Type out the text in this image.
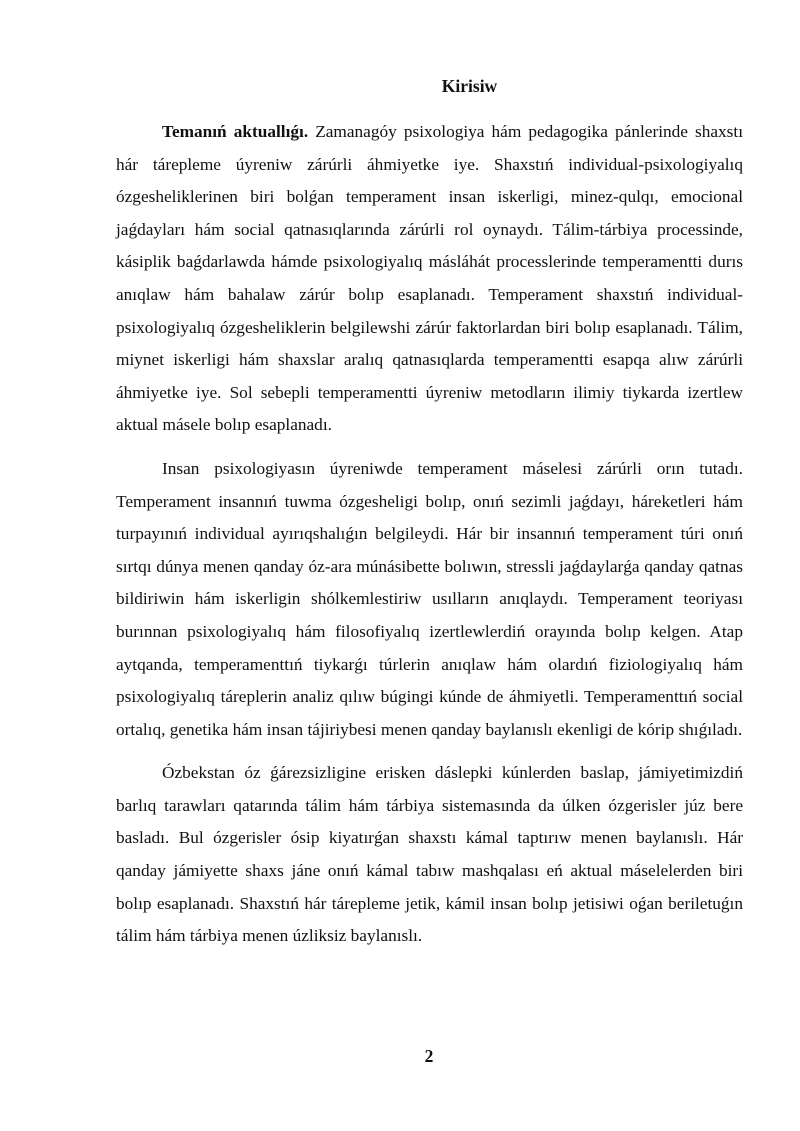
Kirisiw

Temanıń aktuallıǵı. Zamanagóy psixologiya hám pedagogika pánlerinde shaxstı hár tárepleme úyreniw zárúrli áhmiyetke iye. Shaxstıń individual-psixologiyalıq ózgesheliklerinen biri bolǵan temperament insan iskerligi, minez-qulqı, emocional jaǵdayları hám social qatnasıqlarında zárúrli rol oynaydı. Tálim-tárbiya processinde, kásiplik baǵdarlawda hámde psixologiyalıq másláhát processlerinde temperamentti durıs anıqlaw hám bahalaw zárúr bolıp esaplanadı. Temperament shaxstıń individual-psixologiyalıq ózgesheliklerin belgilewshi zárúr faktorlardan biri bolıp esaplanadı. Tálim, miynet iskerligi hám shaxslar aralıq qatnasıqlarda temperamentti esapqa alıw zárúrli áhmiyetke iye. Sol sebepli temperamentti úyreniw metodların ilimiy tiykarda izertlew aktual másele bolıp esaplanadı.

Insan psixologiyasın úyreniwde temperament máselesi zárúrli orın tutadı. Temperament insannıń tuwma ózgesheligi bolıp, onıń sezimli jaǵdayı, háreketleri hám turpayınıń individual ayırıqshalıǵın belgileydi. Hár bir insannıń temperament túri onıń sırtqı dúnya menen qanday óz-ara múnásibette bolıwın, stressli jaǵdaylarǵa qanday qatnas bildiriwin hám iskerligin shólkemlestiriw usılların anıqlaydı. Temperament teoriyası burınnan psixologiyalıq hám filosofiyalıq izertlewlerdiń orayında bolıp kelgen. Atap aytqanda, temperamenttıń tiykarǵı túrlerin anıqlaw hám olardıń fiziologiyalıq hám psixologiyalıq táreplerin analiz qılıw búgingi kúnde de áhmiyetli. Temperamenttıń social ortalıq, genetika hám insan tájiriybesi menen qanday baylanıslı ekenligi de kórip shıǵıladı.

Ózbekstan óz ǵárezsizligine erisken dáslepki kúnlerden baslap, jámiyetimizdiń barlıq tarawları qatarında tálim hám tárbiya sistemasında da úlken ózgerisler júz bere basladı. Bul ózgerisler ósip kiyatırǵan shaxstı kámal taptırıw menen baylanıslı. Hár qanday jámiyette shaxs jáne onıń kámal tabıw mashqalası eń aktual máselelerden biri bolıp esaplanadı. Shaxstıń hár tárepleme jetik, kámil insan bolıp jetisiwi oǵan beriletuǵın tálim hám tárbiya menen úzliksiz baylanıslı.

2
